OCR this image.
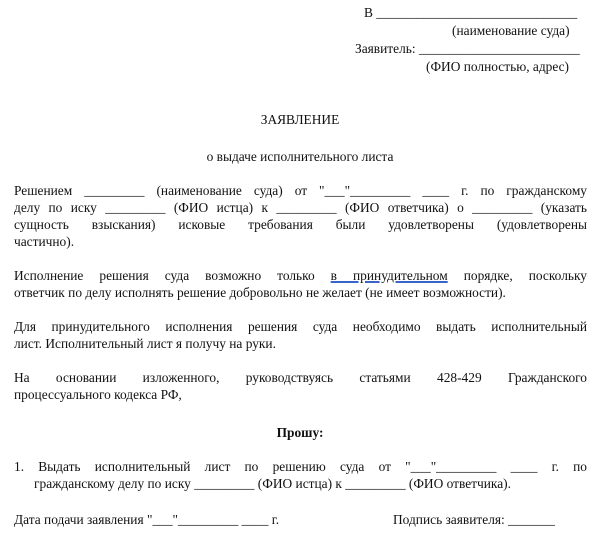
В ______________________________
(наименование суда)
Заявитель: ________________________
(ФИО полностью, адрес)
ЗАЯВЛЕНИЕ
о выдаче исполнительного листа
Решением _________ (наименование суда) от "___"_________ ____ г. по гражданскому
делу по иску _________ (ФИО истца) к _________ (ФИО ответчика) о _________ (указать
сущность взыскания) исковые требования были удовлетворены (удовлетворены
частично).
Исполнение решения суда возможно только в принудительном порядке, поскольку
ответчик по делу исполнять решение добровольно не желает (не имеет возможности).
Для принудительного исполнения решения суда необходимо выдать исполнительный
лист. Исполнительный лист я получу на руки.
На основании изложенного, руководствуясь статьями 428-429 Гражданского
процессуального кодекса РФ,
Прошу:
1. Выдать исполнительный лист по решению суда от "___"_________ ____ г. по
гражданскому делу по иску _________ (ФИО истца) к _________ (ФИО ответчика).
Дата подачи заявления "___"_________ ____ г.	Подпись заявителя: _______
